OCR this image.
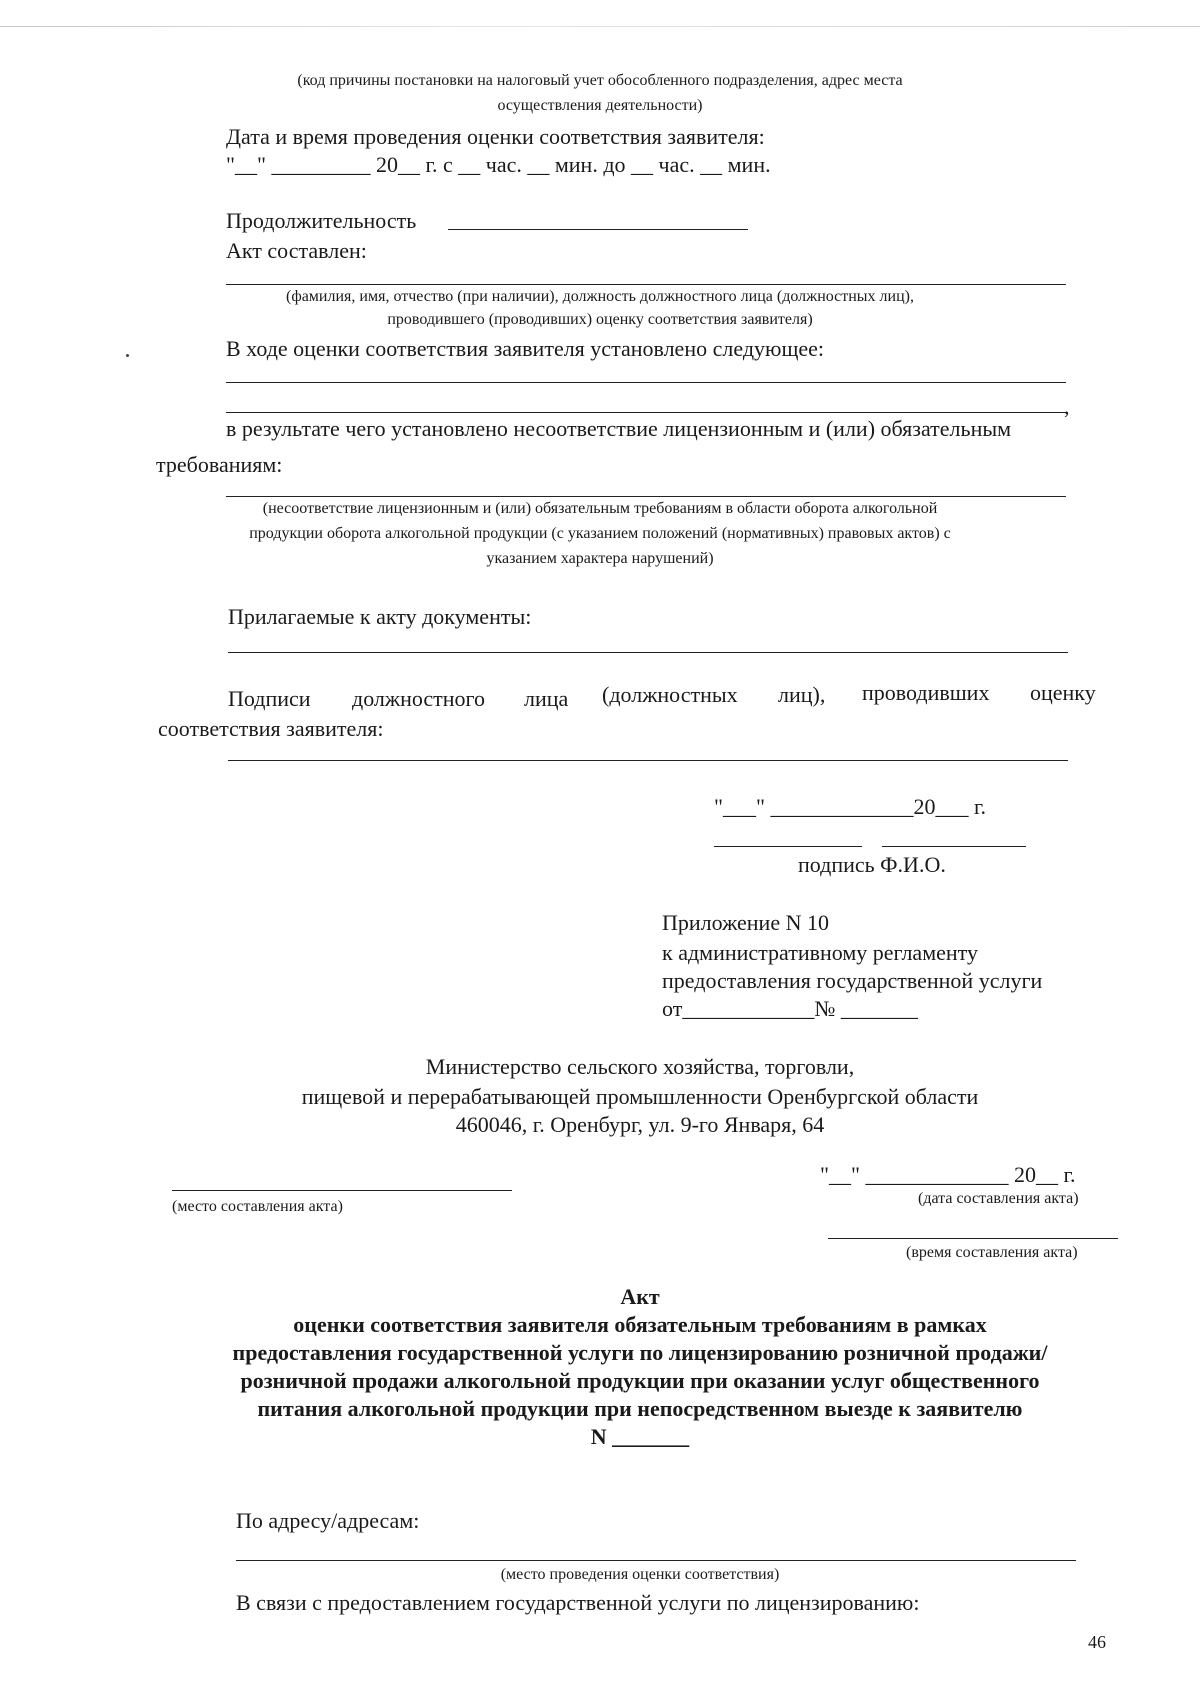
(код причины постановки на налоговый учет обособленного подразделения, адрес места
осуществления деятельности)
Дата и время проведения оценки соответствия заявителя:
"__" _________ 20__ г. с __ час. __ мин. до __ час. __ мин.
Продолжительность
Акт составлен:
(фамилия, имя, отчество (при наличии), должность должностного лица (должностных лиц),
проводившего (проводивших) оценку соответствия заявителя)
В ходе оценки соответствия заявителя установлено следующее:
,
в результате чего установлено несоответствие лицензионным и (или) обязательным
требованиям:
(несоответствие лицензионным и (или) обязательным требованиям в области оборота алкогольной
продукции оборота алкогольной продукции (с указанием положений (нормативных) правовых актов) с
указанием характера нарушений)
Прилагаемые к акту документы:
Подписи должностного лица (должностных лиц), проводивших оценку
соответствия заявителя:
"___" _____________20___ г.
подпись Ф.И.О.
Приложение N 10
к административному регламенту
предоставления государственной услуги
от____________№ _______
Министерство сельского хозяйства, торговли,
пищевой и перерабатывающей промышленности Оренбургской области
460046, г. Оренбург, ул. 9-го Января, 64
"__" _____________ 20__ г.
(место составления акта)	(дата составления акта)
(время составления акта)
Акт
оценки соответствия заявителя обязательным требованиям в рамках
предоставления государственной услуги по лицензированию розничной продажи/
розничной продажи алкогольной продукции при оказании услуг общественного
питания алкогольной продукции при непосредственном выезде к заявителю
N _______
По адресу/адресам:
(место проведения оценки соответствия)
В связи с предоставлением государственной услуги по лицензированию:
46
